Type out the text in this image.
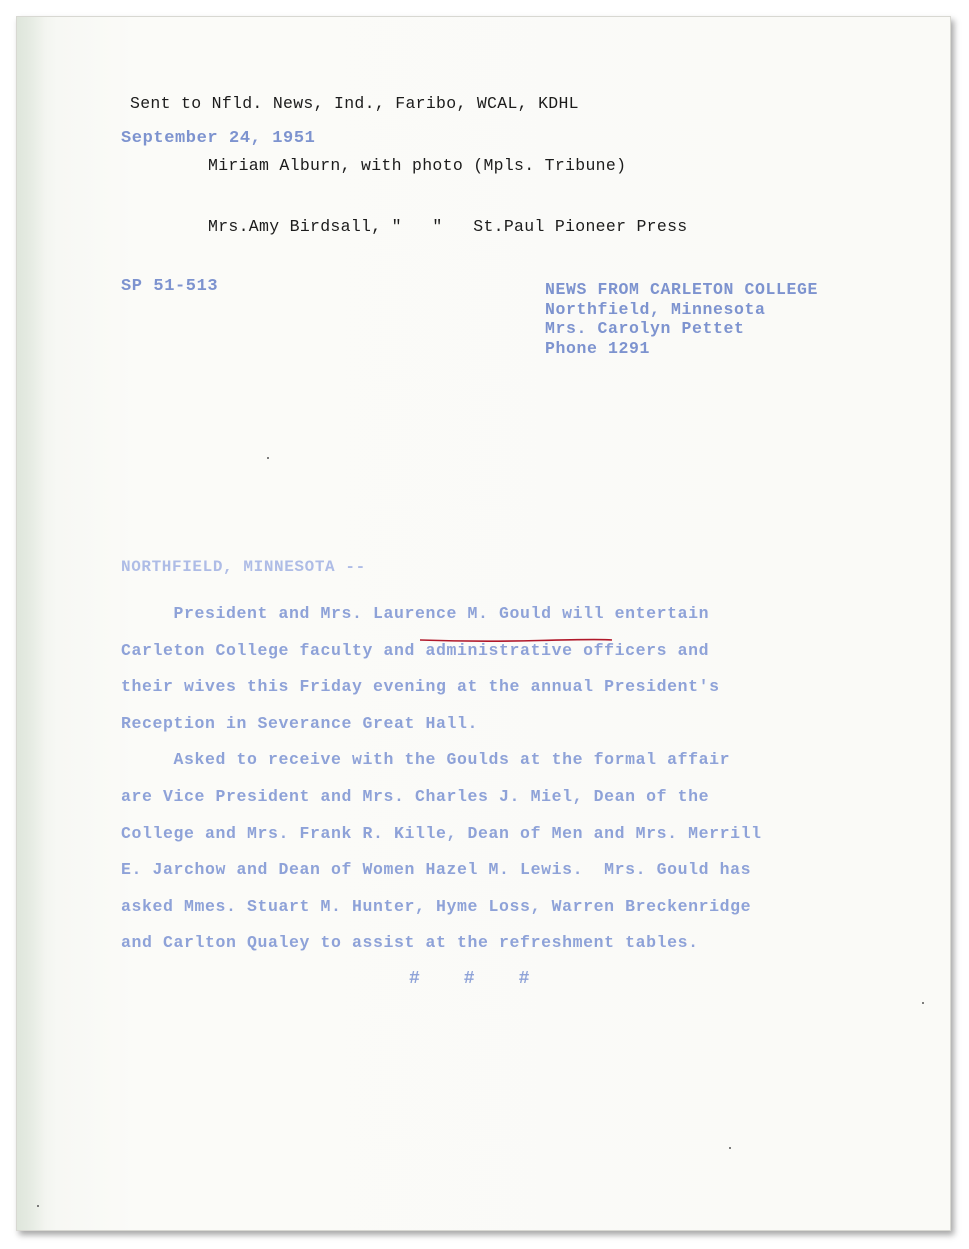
Sent to Nfld. News, Ind., Faribo, WCAL, KDHL

Miriam Alburn, with photo (Mpls. Tribune)

Mrs.Amy Birdsall, "   "   St.Paul Pioneer Press

September 24, 1951
SP 51-513	NEWS FROM CARLETON COLLEGE
Northfield, Minnesota
Mrs. Carolyn Pettet
Phone 1291
NORTHFIELD, MINNESOTA --

President and Mrs. Laurence M. Gould will entertain

Carleton College faculty and administrative officers and

their wives this Friday evening at the annual President's

Reception in Severance Great Hall.

Asked to receive with the Goulds at the formal affair

are Vice President and Mrs. Charles J. Miel, Dean of the

College and Mrs. Frank R. Kille, Dean of Men and Mrs. Merrill

E. Jarchow and Dean of Women Hazel M. Lewis.  Mrs. Gould has

asked Mmes. Stuart M. Hunter, Hyme Loss, Warren Breckenridge

and Carlton Qualey to assist at the refreshment tables.

###
